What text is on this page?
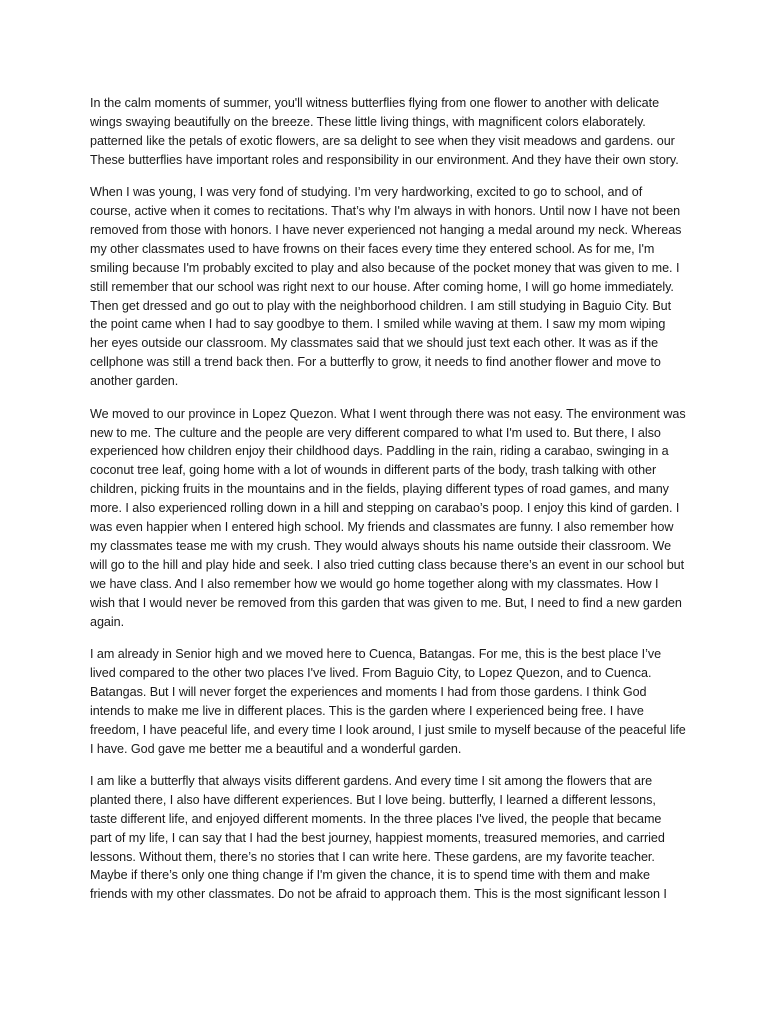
In the calm moments of summer, you'll witness butterflies flying from one flower to another with delicate wings swaying beautifully on the breeze. These little living things, with magnificent colors elaborately. patterned like the petals of exotic flowers, are sa delight to see when they visit meadows and gardens. our These butterflies have important roles and responsibility in our environment. And they have their own story.

When I was young, I was very fond of studying. I’m very hardworking, excited to go to school, and of course, active when it comes to recitations. That’s why I'm always in with honors. Until now I have not been removed from those with honors. I have never experienced not hanging a medal around my neck. Whereas my other classmates used to have frowns on their faces every time they entered school. As for me, I'm smiling because I'm probably excited to play and also because of the pocket money that was given to me. I still remember that our school was right next to our house. After coming home, I will go home immediately. Then get dressed and go out to play with the neighborhood children. I am still studying in Baguio City. But the point came when I had to say goodbye to them. I smiled while waving at them. I saw my mom wiping her eyes outside our classroom. My classmates said that we should just text each other. It was as if the cellphone was still a trend back then. For a butterfly to grow, it needs to find another flower and move to another garden.

We moved to our province in Lopez Quezon. What I went through there was not easy. The environment was new to me. The culture and the people are very different compared to what I'm used to. But there, I also experienced how children enjoy their childhood days. Paddling in the rain, riding a carabao, swinging in a coconut tree leaf, going home with a lot of wounds in different parts of the body, trash talking with other children, picking fruits in the mountains and in the fields, playing different types of road games, and many more. I also experienced rolling down in a hill and stepping on carabao’s poop. I enjoy this kind of garden. I was even happier when I entered high school. My friends and classmates are funny. I also remember how my classmates tease me with my crush. They would always shouts his name outside their classroom. We will go to the hill and play hide and seek. I also tried cutting class because there’s an event in our school but we have class. And I also remember how we would go home together along with my classmates. How I wish that I would never be removed from this garden that was given to me. But, I need to find a new garden again.

I am already in Senior high and we moved here to Cuenca, Batangas. For me, this is the best place I’ve lived compared to the other two places I've lived. From Baguio City, to Lopez Quezon, and to Cuenca. Batangas. But I will never forget the experiences and moments I had from those gardens. I think God intends to make me live in different places. This is the garden where I experienced being free. I have freedom, I have peaceful life, and every time I look around, I just smile to myself because of the peaceful life I have. God gave me better me a beautiful and a wonderful garden.

I am like a butterfly that always visits different gardens. And every time I sit among the flowers that are planted there, I also have different experiences. But I love being. butterfly, I learned a different lessons, taste different life, and enjoyed different moments. In the three places I've lived, the people that became part of my life, I can say that I had the best journey, happiest moments, treasured memories, and carried lessons. Without them, there’s no stories that I can write here. These gardens, are my favorite teacher. Maybe if there’s only one thing change if I'm given the chance, it is to spend time with them and make friends with my other classmates. Do not be afraid to approach them. This is the most significant lesson I
